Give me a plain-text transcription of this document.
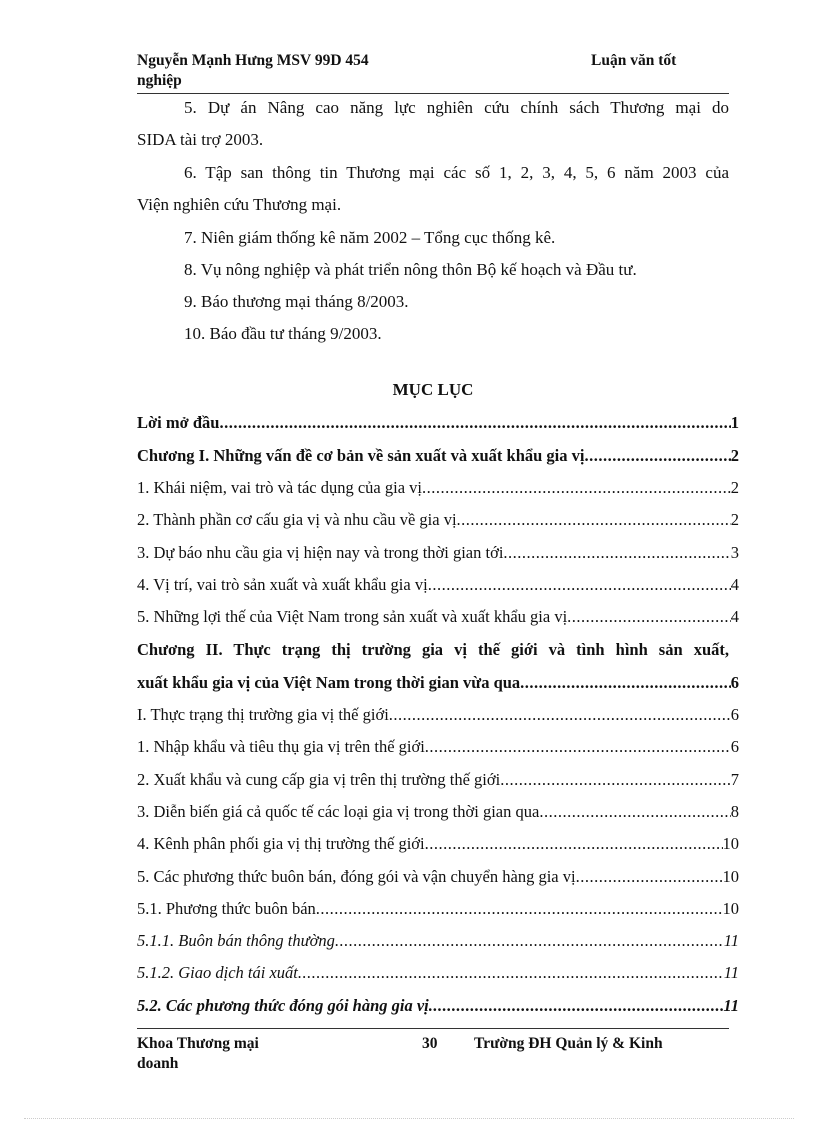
Nguyễn Mạnh Hưng MSV 99D 454
nghiệp
Luận văn tốt
5. Dự án Nâng cao năng lực nghiên cứu chính sách Thương mại do
SIDA tài trợ 2003.
6. Tập san thông tin Thương mại các số 1, 2, 3, 4, 5, 6 năm 2003 của
Viện nghiên cứu Thương mại.
7. Niên giám thống kê năm 2002 – Tổng cục thống kê.
8. Vụ nông nghiệp và phát triển nông thôn Bộ kế hoạch và Đầu tư.
9. Báo thương mại tháng 8/2003.
10. Báo đầu tư tháng 9/2003.
MỤC LỤC
Lời mở đầu .....	1
Chương I. Những vấn đề cơ bản về sản xuất và xuất khẩu gia vị .....	2
1. Khái niệm, vai trò và tác dụng của gia vị .....	2
2. Thành phần cơ cấu gia vị và nhu cầu về gia vị .....	2
3. Dự báo nhu cầu gia vị hiện nay và trong thời gian tới .....	3
4. Vị trí, vai trò sản xuất và xuất khẩu gia vị .....	4
5. Những lợi thế của Việt Nam trong sản xuất và xuất khẩu gia vị .....	4
Chương II. Thực trạng thị trường gia vị thế giới và tình hình sản xuất,
xuất khẩu gia vị của Việt Nam trong thời gian vừa qua .....	6
I. Thực trạng thị trường gia vị thế giới .....	6
1. Nhập khẩu và tiêu thụ gia vị trên thế giới .....	6
2. Xuất khẩu và cung cấp gia vị trên thị trường thế giới .....	7
3. Diễn biến giá cả quốc tế các loại gia vị trong thời gian qua .....	8
4. Kênh phân phối gia vị thị trường thế giới .....	10
5. Các phương thức buôn bán, đóng gói và vận chuyển hàng gia vị .....	10
5.1. Phương thức buôn bán .....	10
5.1.1. Buôn bán thông thường .....	11
5.1.2. Giao dịch tái xuất .....	11
5.2. Các phương thức đóng gói hàng gia vị .....	11
Khoa Thương mại
doanh
30 Trường ĐH Quản lý & Kinh
